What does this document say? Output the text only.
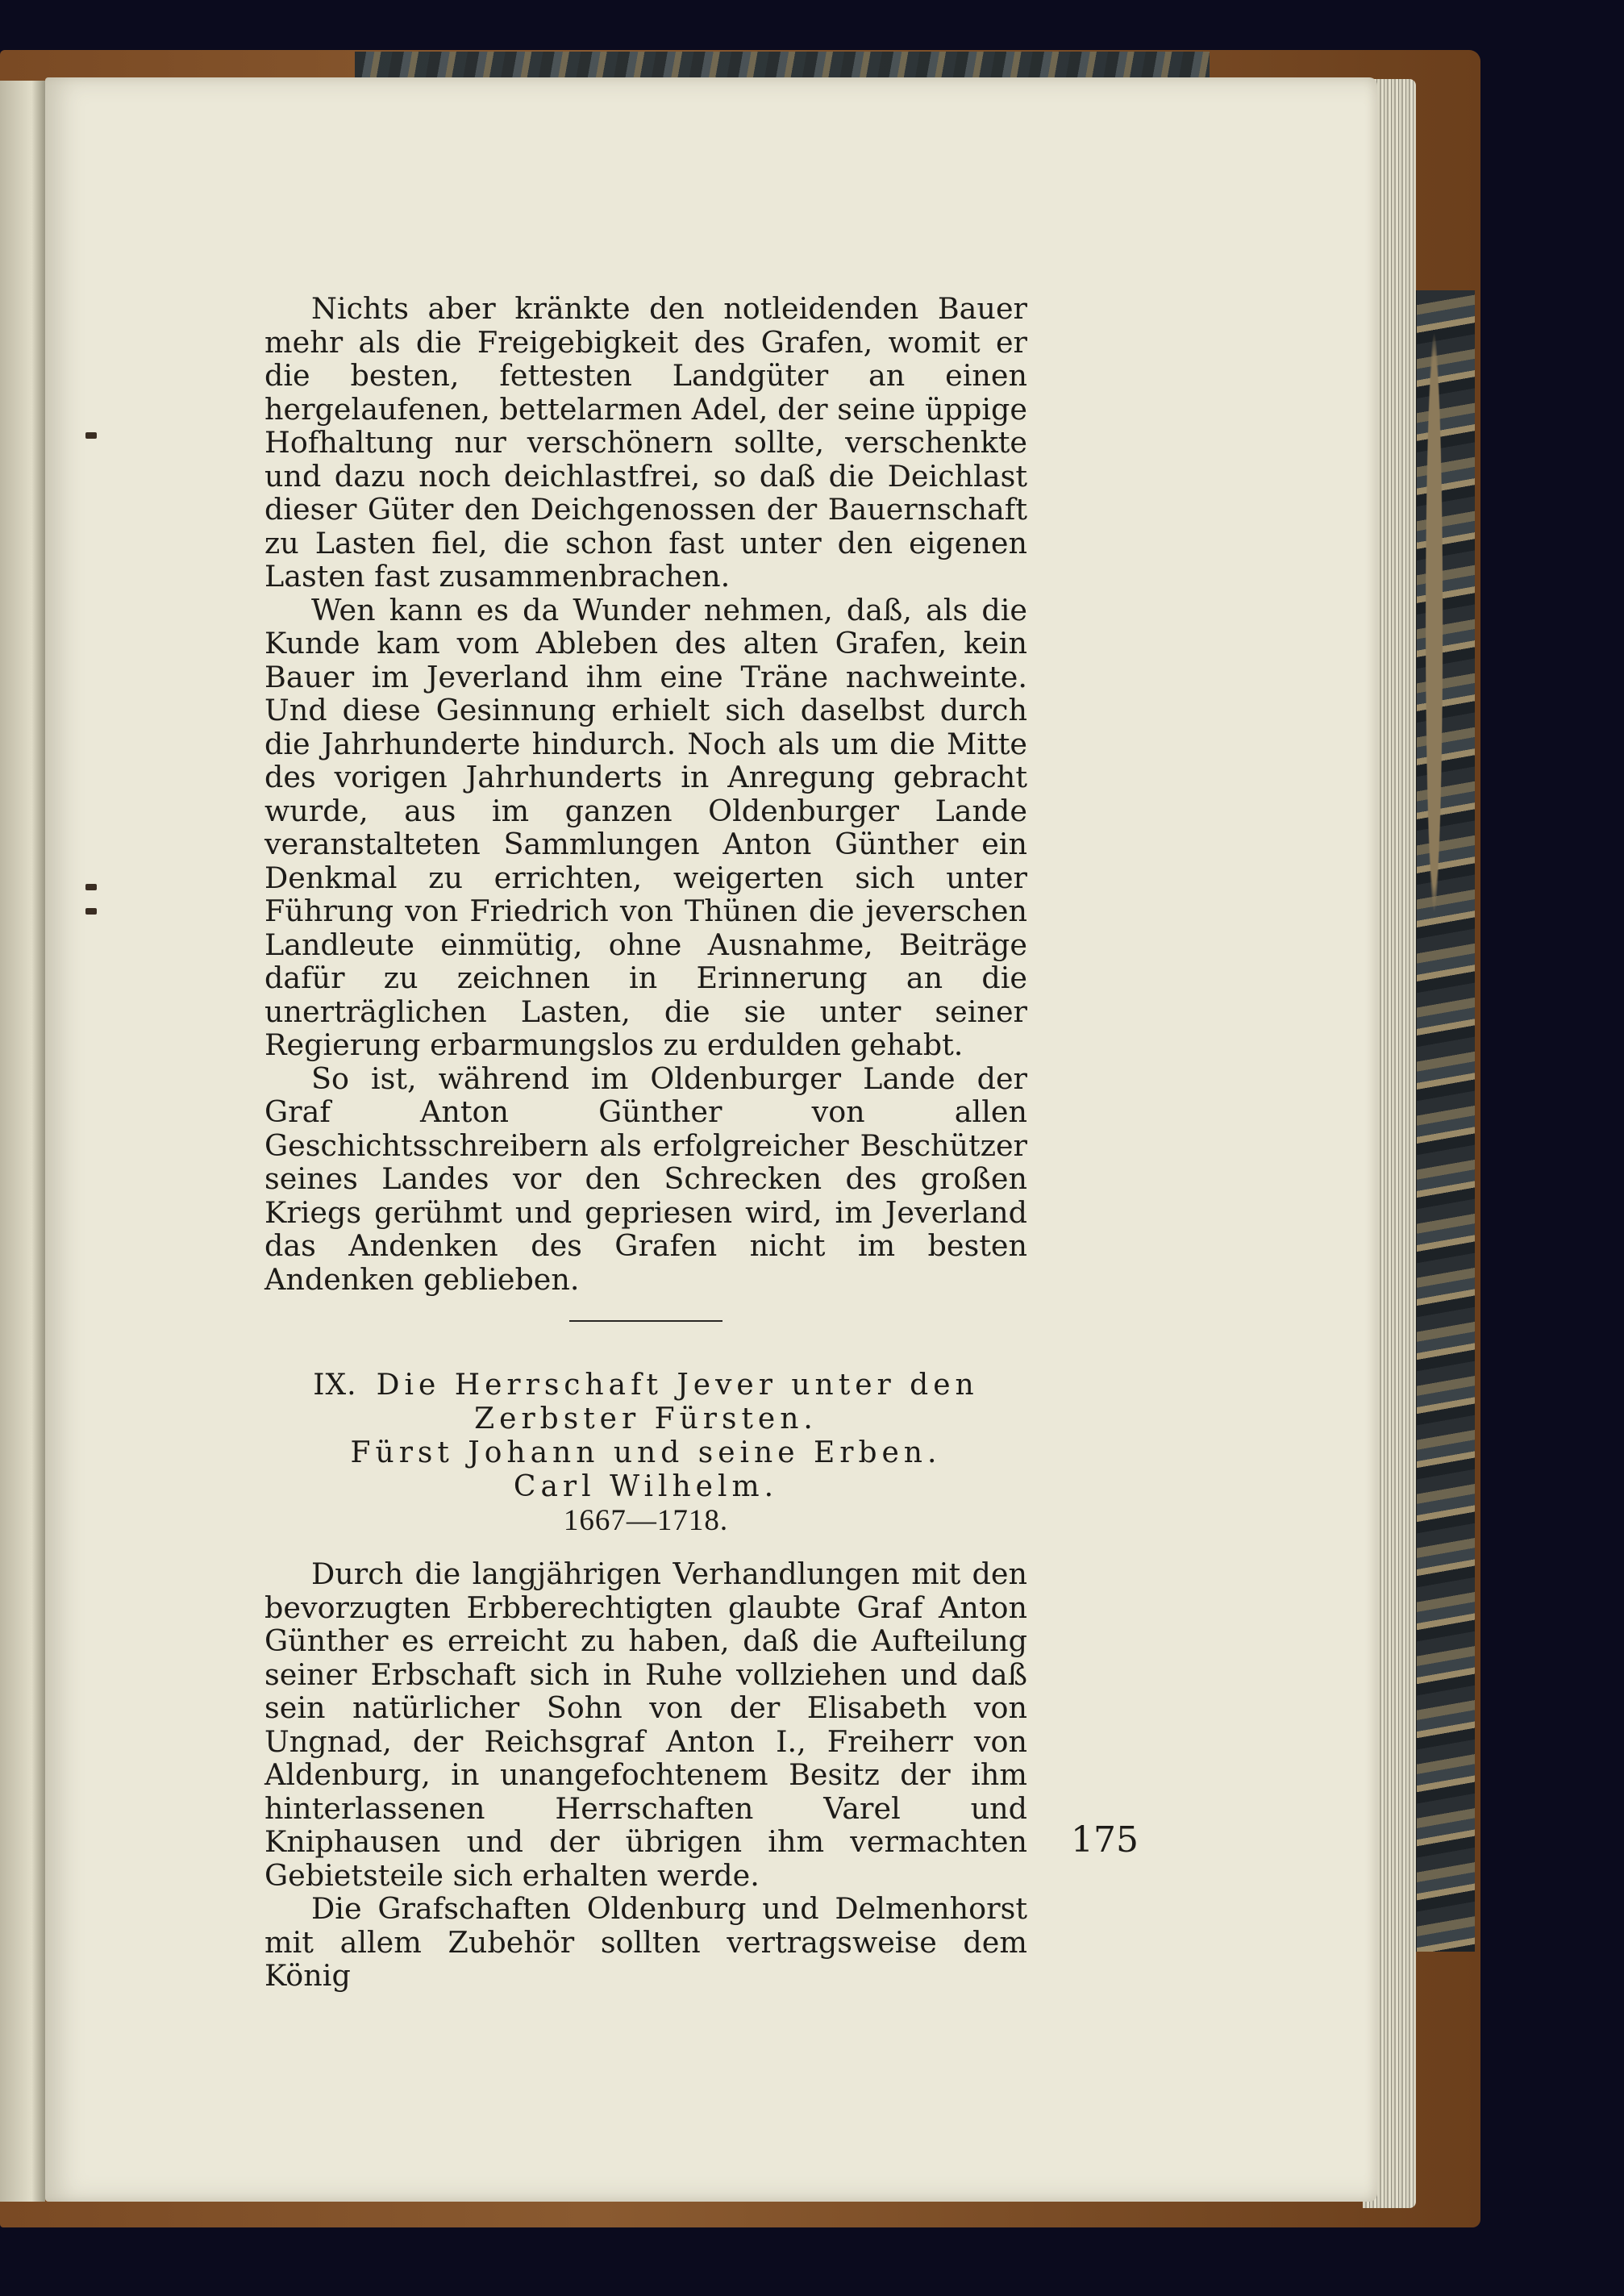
Nichts aber kränkte den notleidenden Bauer mehr als die Freigebigkeit des Grafen, womit er die besten, fettesten Landgüter an einen hergelaufenen, bettelarmen Adel, der seine üppige Hofhaltung nur verschönern sollte, verschenkte und dazu noch deichlastfrei, so daß die Deichlast dieser Güter den Deichgenossen der Bauernschaft zu Lasten fiel, die schon fast unter den eigenen Lasten fast zusammenbrachen.

Wen kann es da Wunder nehmen, daß, als die Kunde kam vom Ableben des alten Grafen, kein Bauer im Jeverland ihm eine Träne nachweinte. Und diese Gesinnung erhielt sich daselbst durch die Jahrhunderte hindurch. Noch als um die Mitte des vorigen Jahrhunderts in Anregung gebracht wurde, aus im ganzen Oldenburger Lande veranstalteten Sammlungen Anton Günther ein Denkmal zu errichten, weigerten sich unter Führung von Friedrich von Thünen die jeverschen Landleute einmütig, ohne Ausnahme, Beiträge dafür zu zeichnen in Erinnerung an die unerträglichen Lasten, die sie unter seiner Regierung erbarmungslos zu erdulden gehabt.

So ist, während im Oldenburger Lande der Graf Anton Günther von allen Geschichtsschreibern als erfolgreicher Beschützer seines Landes vor den Schrecken des großen Kriegs gerühmt und gepriesen wird, im Jeverland das Andenken des Grafen nicht im besten Andenken geblieben.

IX. Die Herrschaft Jever unter den
Zerbster Fürsten.
Fürst Johann und seine Erben.
Carl Wilhelm.
1667—1718.

Durch die langjährigen Verhandlungen mit den bevorzugten Erbberechtigten glaubte Graf Anton Günther es erreicht zu haben, daß die Aufteilung seiner Erbschaft sich in Ruhe vollziehen und daß sein natürlicher Sohn von der Elisabeth von Ungnad, der Reichsgraf Anton I., Freiherr von Aldenburg, in unangefochtenem Besitz der ihm hinterlassenen Herrschaften Varel und Kniphausen und der übrigen ihm vermachten Gebietsteile sich erhalten werde.

Die Grafschaften Oldenburg und Delmenhorst mit allem Zubehör sollten vertragsweise dem König

175
